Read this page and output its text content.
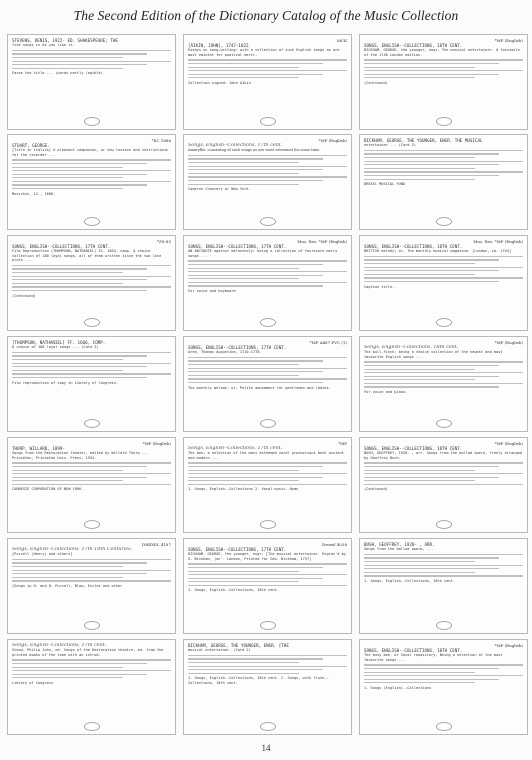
The Second Edition of the Dictionary Catalog of the Music Collection
STEVENS, DENIS, 1922- ED. SHAKESPEARE; THE
five songs in As you like it.
Faces the title ... (words partly legible)
*KC 1686
STUART, GEORGE.
[Title in italics] A pleasant companion, or new lessons and instructions for the recorder ...
Musickin, 12., 1686.
*ZS-85
SONGS, ENGLISH--COLLECTIONS, 17TH CENT.
Film Reproduction (THOMPSON, NATHANIEL) 51. 1664, comp. A choice collection of 180 loyal songs, all of them written since the two late plots ...
(Continued)
[THOMPSON, NATHANIEL] FF. 1666, COMP.
A choice of 180 loyal songs ... (Card 2)
Film reproduction of copy in Library of Congress.
*MP (English)
THORP, WILLARD, 1899-
Songs from the Restoration theater, edited by Willard Thorp ... Princeton, Princeton Univ. Press, 1934.
CARNEGIE CORPORATION OF NEW YORK.
DREXEL 4187
Songs, English--Collections. 17th-18th Centuries.
[Purcell (Henry) and others]
[Songs in H. and D. Purcell, Blow, Eccles and other
Songs, English--Collections, 17th cent.
Stead, Philip John, ed. Songs of the Restoration theatre, ed. from the printed books of the time with an introd.
Library of Congress
MCK
[AIKIN, JOHN], 1747-1822.
Essays on song-writing: with a collection of such English songs as are most eminent for poetical merit.
Collection signed: John Aikin
*MP (English)
Songs, English--Collections, 17th cent.
Amaryllis: consisting of such songs as are most esteemed for some time.
Cameron Chancery or New York
Mus. Res. *MP (English)
SONGS, ENGLISH--COLLECTIONS, 17TH CENT.
AN ANTIDOTE against melancholy: being a collection of fourscore merry songs ...
For voice and keyboard
*MP A467 PVC (1)
SONGS, ENGLISH--COLLECTIONS, 17TH CENT.
Arne, Thomas Augustine, 1710-1778.
The monthly melody: or, Polite amusement for gentlemen and ladies.
*MP
Songs, English--Collections, 17th cent.
The bee; a selection of the most esteemed vocal productions both ancient and modern ...
1. Songs, English--Collections 2. Vocal music--Hymn
Drexel 4038
SONGS, ENGLISH--COLLECTIONS, 17TH CENT.
BICKHAM, GEORGE, the younger, engr. [The musical entertainer. Engrav'd by G. Bickham, jun'. London, Printed for Geo. Bickham, 1737]
1. Songs, English--Collections, 18th cent.
BICKHAM, GEORGE, THE YOUNGER, ENGR. [THE
musical entertainer. (Card 2)
1. Songs, English--Collections, 18th cent. 2. Songs, with flute--Collections, 18th cent.
*MP (English)
SONGS, ENGLISH--COLLECTIONS, 18TH CENT.
BICKHAM, GEORGE, the younger, engr. The musical entertainer. A facsimile of the 1740 London edition.
(Continued)
BICKHAM, GEORGE, THE YOUNGER, ENGR. THE MUSICAL
entertainer ... (Card 2)
DREXEL MUSICAL FUND
Mus. Res. *MP (English)
SONGS, ENGLISH--COLLECTIONS, 18TH CENT.
BRITISH melody; or, The monthly musical magazine. [London, ca. 1744]
Caption title.
*MP (English)
Songs, English--Collections, 18th cent.
The bull-finch; being a choice collection of the newest and most favourite English songs ...
For voice and piano.
*MP (English)
SONGS, ENGLISH--COLLECTIONS, 18TH CENT.
BUSH, GEOFFREY, 1920- , arr. Songs from the ballad opera, freely arranged by Geoffrey Bush.
(Continued)
BUSH, GEOFFREY, 1920- , ARR.
Songs from the ballad opera, ...
1. Songs, English--Collections, 18th cent.
*MP (English)
SONGS, ENGLISH--COLLECTIONS, 18TH CENT.
The busy bee, or Vocal repository. Being a selection of the most favourite songs ...
1. Songs (English)--Collections
14
